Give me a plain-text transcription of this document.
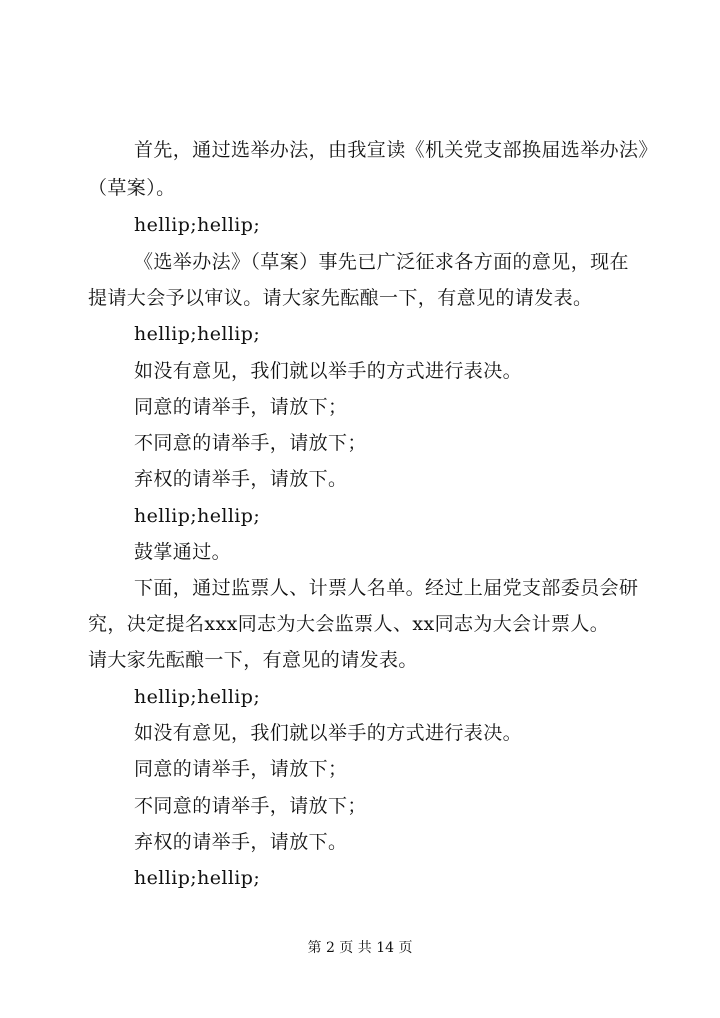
首先，通过选举办法，由我宣读《机关党支部换届选举办法》
（草案）。
hellip;hellip;
《选举办法》（草案）事先已广泛征求各方面的意见，现在
提请大会予以审议。请大家先酝酿一下，有意见的请发表。
hellip;hellip;
如没有意见，我们就以举手的方式进行表决。
同意的请举手，请放下；
不同意的请举手，请放下；
弃权的请举手，请放下。
hellip;hellip;
鼓掌通过。
下面，通过监票人、计票人名单。经过上届党支部委员会研
究，决定提名xxx同志为大会监票人、xx同志为大会计票人。
请大家先酝酿一下，有意见的请发表。
hellip;hellip;
如没有意见，我们就以举手的方式进行表决。
同意的请举手，请放下；
不同意的请举手，请放下；
弃权的请举手，请放下。
hellip;hellip;
第 2 页 共 14 页
